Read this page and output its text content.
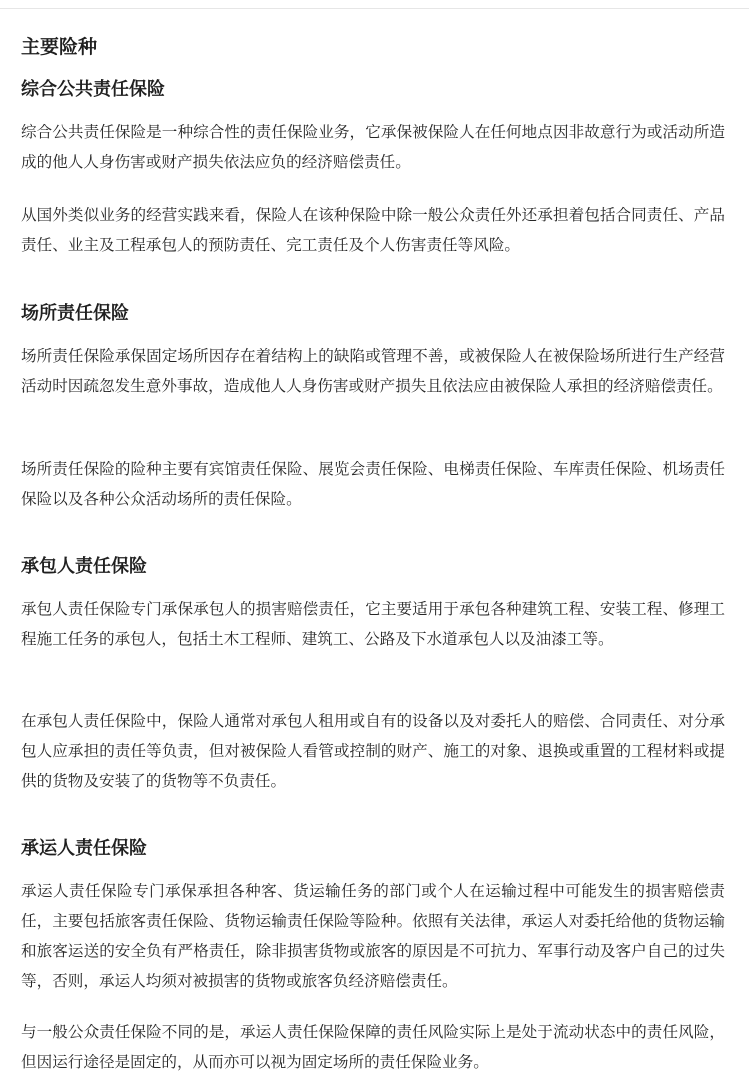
主要险种
综合公共责任保险

综合公共责任保险是一种综合性的责任保险业务，它承保被保险人在任何地点因非故意行为或活动所造成的他人人身伤害或财产损失依法应负的经济赔偿责任。

从国外类似业务的经营实践来看，保险人在该种保险中除一般公众责任外还承担着包括合同责任、产品责任、业主及工程承包人的预防责任、完工责任及个人伤害责任等风险。

场所责任保险

场所责任保险承保固定场所因存在着结构上的缺陷或管理不善，或被保险人在被保险场所进行生产经营活动时因疏忽发生意外事故，造成他人人身伤害或财产损失且依法应由被保险人承担的经济赔偿责任。

场所责任保险的险种主要有宾馆责任保险、展览会责任保险、电梯责任保险、车库责任保险、机场责任保险以及各种公众活动场所的责任保险。

承包人责任保险

承包人责任保险专门承保承包人的损害赔偿责任，它主要适用于承包各种建筑工程、安装工程、修理工程施工任务的承包人，包括土木工程师、建筑工、公路及下水道承包人以及油漆工等。

在承包人责任保险中，保险人通常对承包人租用或自有的设备以及对委托人的赔偿、合同责任、对分承包人应承担的责任等负责，但对被保险人看管或控制的财产、施工的对象、退换或重置的工程材料或提供的货物及安装了的货物等不负责任。

承运人责任保险

承运人责任保险专门承保承担各种客、货运输任务的部门或个人在运输过程中可能发生的损害赔偿责任，主要包括旅客责任保险、货物运输责任保险等险种。依照有关法律，承运人对委托给他的货物运输和旅客运送的安全负有严格责任，除非损害货物或旅客的原因是不可抗力、军事行动及客户自己的过失等，否则，承运人均须对被损害的货物或旅客负经济赔偿责任。

与一般公众责任保险不同的是，承运人责任保险保障的责任风险实际上是处于流动状态中的责任风险，但因运行途径是固定的，从而亦可以视为固定场所的责任保险业务。
